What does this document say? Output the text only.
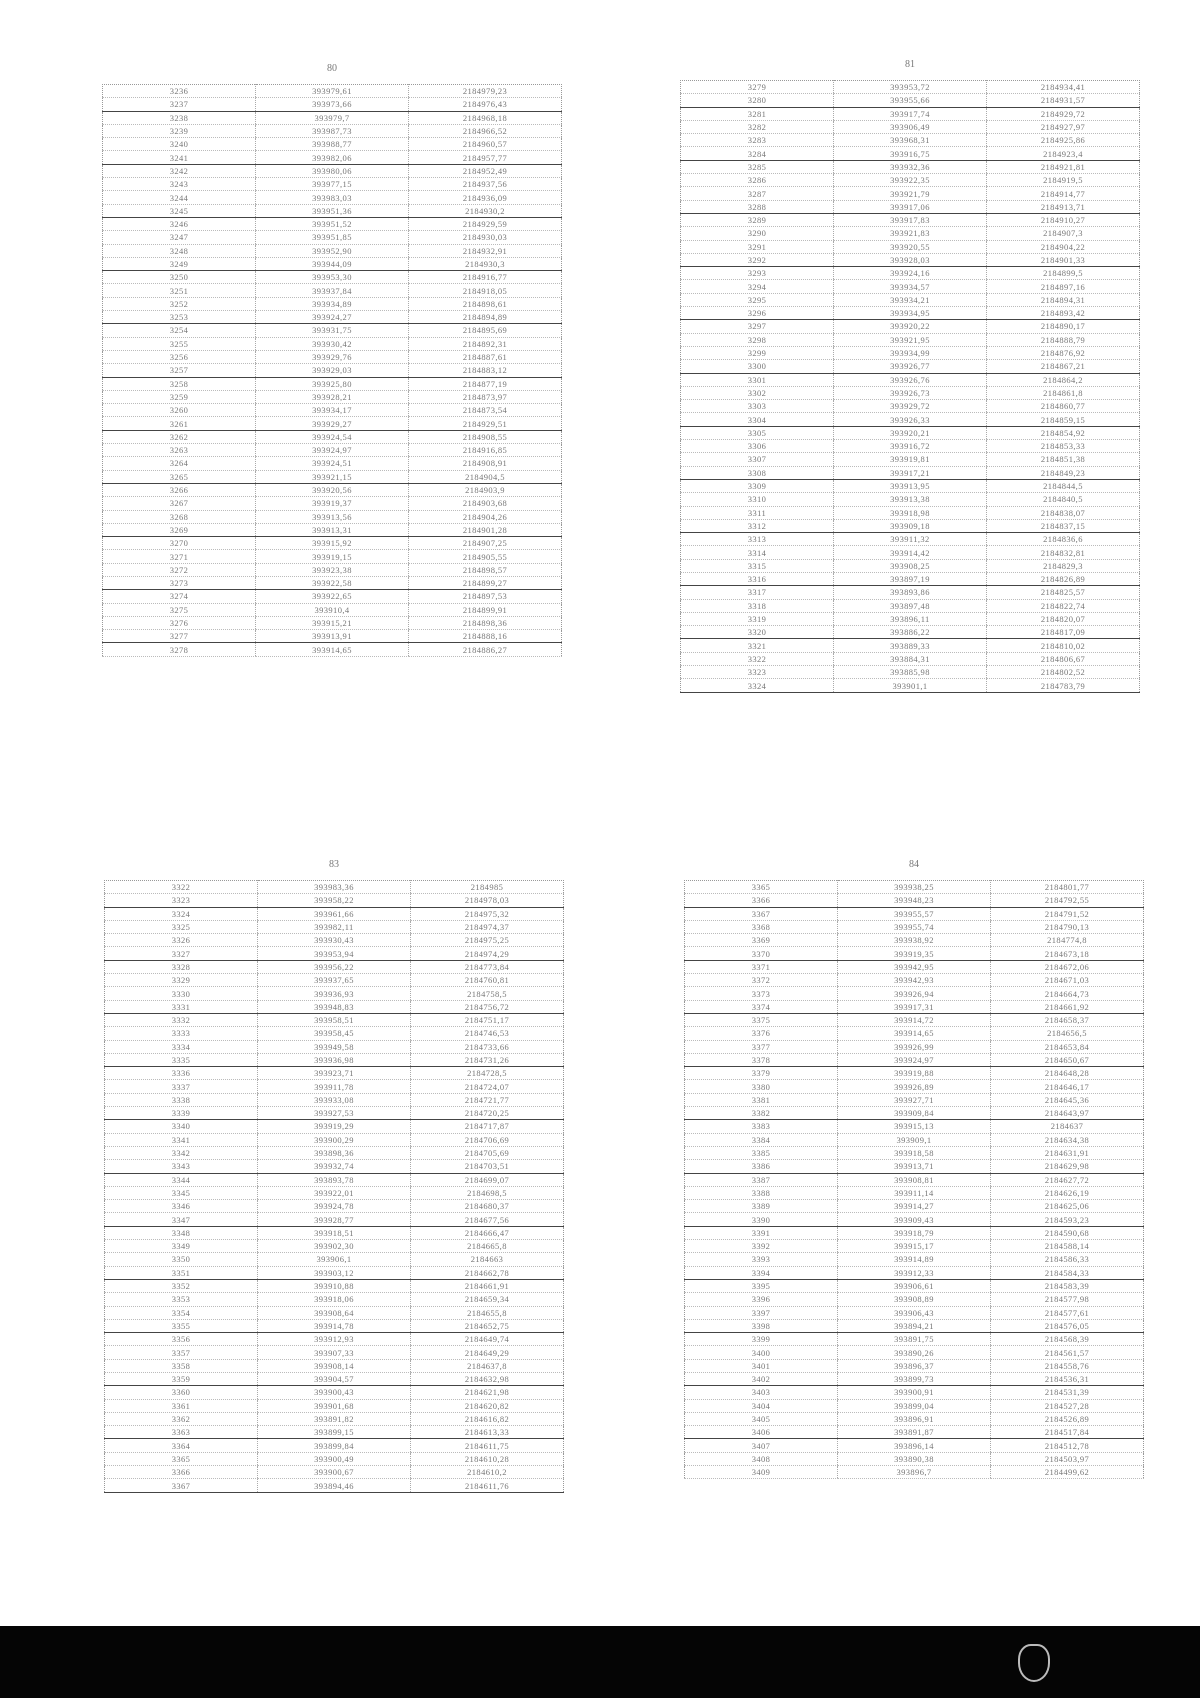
80
3236	393979,61	2184979,23
3237	393973,66	2184976,43
3238	393979,7	2184968,18
3239	393987,73	2184966,52
3240	393988,77	2184960,57
3241	393982,06	2184957,77
3242	393980,06	2184952,49
3243	393977,15	2184937,56
3244	393983,03	2184936,09
3245	393951,36	2184930,2
3246	393951,52	2184929,59
3247	393951,85	2184930,03
3248	393952,90	2184932,91
3249	393944,09	2184930,3
3250	393953,30	2184916,77
3251	393937,84	2184918,05
3252	393934,89	2184898,61
3253	393924,27	2184894,89
3254	393931,75	2184895,69
3255	393930,42	2184892,31
3256	393929,76	2184887,61
3257	393929,03	2184883,12
3258	393925,80	2184877,19
3259	393928,21	2184873,97
3260	393934,17	2184873,54
3261	393929,27	2184929,51
3262	393924,54	2184908,55
3263	393924,97	2184916,85
3264	393924,51	2184908,91
3265	393921,15	2184904,5
3266	393920,56	2184903,9
3267	393919,37	2184903,68
3268	393913,56	2184904,26
3269	393913,31	2184901,28
3270	393915,92	2184907,25
3271	393919,15	2184905,55
3272	393923,38	2184898,57
3273	393922,58	2184899,27
3274	393922,65	2184897,53
3275	393910,4	2184899,91
3276	393915,21	2184898,36
3277	393913,91	2184888,16
3278	393914,65	2184886,27
81
3279	393953,72	2184934,41
3280	393955,66	2184931,57
3281	393917,74	2184929,72
3282	393906,49	2184927,97
3283	393968,31	2184925,86
3284	393916,75	2184923,4
3285	393932,36	2184921,81
3286	393922,35	2184919,5
3287	393921,79	2184914,77
3288	393917,06	2184913,71
3289	393917,83	2184910,27
3290	393921,83	2184907,3
3291	393920,55	2184904,22
3292	393928,03	2184901,33
3293	393924,16	2184899,5
3294	393934,57	2184897,16
3295	393934,21	2184894,31
3296	393934,95	2184893,42
3297	393920,22	2184890,17
3298	393921,95	2184888,79
3299	393934,99	2184876,92
3300	393926,77	2184867,21
3301	393926,76	2184864,2
3302	393926,73	2184861,8
3303	393929,72	2184860,77
3304	393926,33	2184859,15
3305	393920,21	2184854,92
3306	393916,72	2184853,33
3307	393919,81	2184851,38
3308	393917,21	2184849,23
3309	393913,95	2184844,5
3310	393913,38	2184840,5
3311	393918,98	2184838,07
3312	393909,18	2184837,15
3313	393911,32	2184836,6
3314	393914,42	2184832,81
3315	393908,25	2184829,3
3316	393897,19	2184826,89
3317	393893,86	2184825,57
3318	393897,48	2184822,74
3319	393896,11	2184820,07
3320	393886,22	2184817,09
3321	393889,33	2184810,02
3322	393884,31	2184806,67
3323	393885,98	2184802,52
3324	393901,1	2184783,79
83
3322	393983,36	2184985
3323	393958,22	2184978,03
3324	393961,66	2184975,32
3325	393982,11	2184974,37
3326	393930,43	2184975,25
3327	393953,94	2184974,29
3328	393956,22	2184773,84
3329	393937,65	2184760,81
3330	393936,93	2184758,5
3331	393948,83	2184756,72
3332	393958,51	2184751,17
3333	393958,45	2184746,53
3334	393949,58	2184733,66
3335	393936,98	2184731,26
3336	393923,71	2184728,5
3337	393911,78	2184724,07
3338	393933,08	2184721,77
3339	393927,53	2184720,25
3340	393919,29	2184717,87
3341	393900,29	2184706,69
3342	393898,36	2184705,69
3343	393932,74	2184703,51
3344	393893,78	2184699,07
3345	393922,01	2184698,5
3346	393924,78	2184680,37
3347	393928,77	2184677,56
3348	393918,51	2184666,47
3349	393902,30	2184665,8
3350	393906,1	2184663
3351	393903,12	2184662,78
3352	393910,88	2184661,91
3353	393918,06	2184659,34
3354	393908,64	2184655,8
3355	393914,78	2184652,75
3356	393912,93	2184649,74
3357	393907,33	2184649,29
3358	393908,14	2184637,8
3359	393904,57	2184632,98
3360	393900,43	2184621,98
3361	393901,68	2184620,82
3362	393891,82	2184616,82
3363	393899,15	2184613,33
3364	393899,84	2184611,75
3365	393900,49	2184610,28
3366	393900,67	2184610,2
3367	393894,46	2184611,76
84
3365	393938,25	2184801,77
3366	393948,23	2184792,55
3367	393955,57	2184791,52
3368	393955,74	2184790,13
3369	393938,92	2184774,8
3370	393919,35	2184673,18
3371	393942,95	2184672,06
3372	393942,93	2184671,03
3373	393926,94	2184664,73
3374	393917,31	2184661,92
3375	393914,72	2184658,37
3376	393914,65	2184656,5
3377	393926,99	2184653,84
3378	393924,97	2184650,67
3379	393919,88	2184648,28
3380	393926,89	2184646,17
3381	393927,71	2184645,36
3382	393909,84	2184643,97
3383	393915,13	2184637
3384	393909,1	2184634,38
3385	393918,58	2184631,91
3386	393913,71	2184629,98
3387	393908,81	2184627,72
3388	393911,14	2184626,19
3389	393914,27	2184625,06
3390	393909,43	2184593,23
3391	393918,79	2184590,68
3392	393915,17	2184588,14
3393	393914,89	2184586,33
3394	393912,33	2184584,33
3395	393906,61	2184583,39
3396	393908,89	2184577,98
3397	393906,43	2184577,61
3398	393894,21	2184576,05
3399	393891,75	2184568,39
3400	393890,26	2184561,57
3401	393896,37	2184558,76
3402	393899,73	2184536,31
3403	393900,91	2184531,39
3404	393899,04	2184527,28
3405	393896,91	2184526,89
3406	393891,87	2184517,84
3407	393896,14	2184512,78
3408	393890,38	2184503,97
3409	393896,7	2184499,62
